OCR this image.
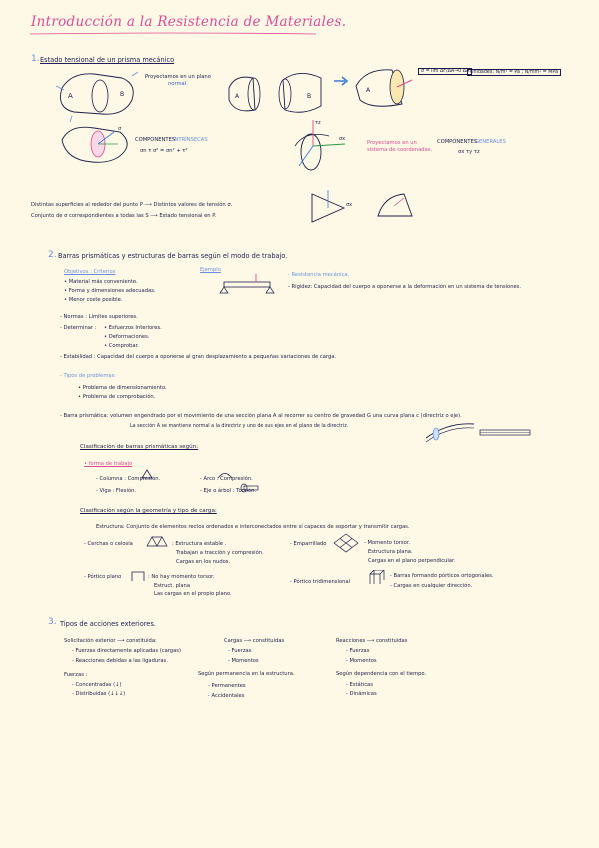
Introducción a la Resistencia de Materiales.
1. Estado tensional de un prisma mecánico
A	B
Proyectamos en un plano
normal.
A	B
A
σ = lim ΔF/ΔA→0 ΔA Unidades: N/m² = Pa ; N/mm² = MPa
σ
COMPONENTES
INTRÍNSECAS
σn τ σ² = σn² + τ²
τz
σx
Proyectamos en un
sistema de coordenadas.
COMPONENTES
GENERALES
σx τy τz
Distintas superficies al rededor del punto P ⟶ Distintos valores de tensión σ.
Conjunto de σ correspondientes a todas las S ⟶ Estado tensional en P.
σx
2. Barras prismáticas y estructuras de barras según el modo de trabajo.
Objetivos : Criterios
• Material más conveniente.
• Forma y dimensiones adecuadas.
• Menor coste posible.
Ejemplo
- Resistencia mecánica.
- Rigidez: Capacidad del cuerpo a oponerse a la deformación en un sistema de tensiones.
- Normas : Límites superiores.
- Determinar : • Esfuerzos Interiores.
• Deformaciones.
• Comprobar.
- Estabilidad : Capacidad del cuerpo a oponerse al gran desplazamiento a pequeñas variaciones de carga.
- Tipos de problemas:
• Problema de dimensionamiento.
• Problema de comprobación.
- Barra prismática: volumen engendrado por el movimiento de una sección plana A al recorrer su centro de gravedad G una curva plana c (directriz o eje).
La sección A se mantiene normal a la directriz y uno de sus ejes en el plano de la directriz.
Clasificación de barras prismáticas según:
• forma de trabajo
- Columna : Compresión.	- Arco : Compresión.
- Viga : Flexión.	- Eje o árbol : Torsión.
Clasificación según la geometría y tipo de carga:
Estructura: Conjunto de elementos rectos ordenados e interconectados entre sí capaces de soportar y transmitir cargas.
- Cerchas o celosía	: Estructura estable .
Trabajan a tracción y compresión.
Cargas en los nudos.
- Emparrillado	- Momento torsor.
Estructura plana.
Cargas en el plano perpendicular.
- Pórtico plano	: No hay momento torsor.
Estruct. plana
Las cargas en el propio plano.
- Pórtico tridimensional
- Barras formando pórticos ortogonales.
- Cargas en cualquier dirección.
3. Tipos de acciones exteriores.
Solicitación exterior ⟶ constituida:
- Fuerzas directamente aplicadas (cargas)
- Reacciones debidas a las ligaduras.
Fuerzas :
- Concentradas (↓)
- Distribuidas (↓↓↓)
Cargas ⟶ constituidas
- Fuerzas
- Momentos
Según permanencia en la estructura.
- Permanentes
- Accidentales
Reacciones ⟶ constituidas
- Fuerzas
- Momentos
Según dependencia con el tiempo.
- Estáticas
- Dinámicas
